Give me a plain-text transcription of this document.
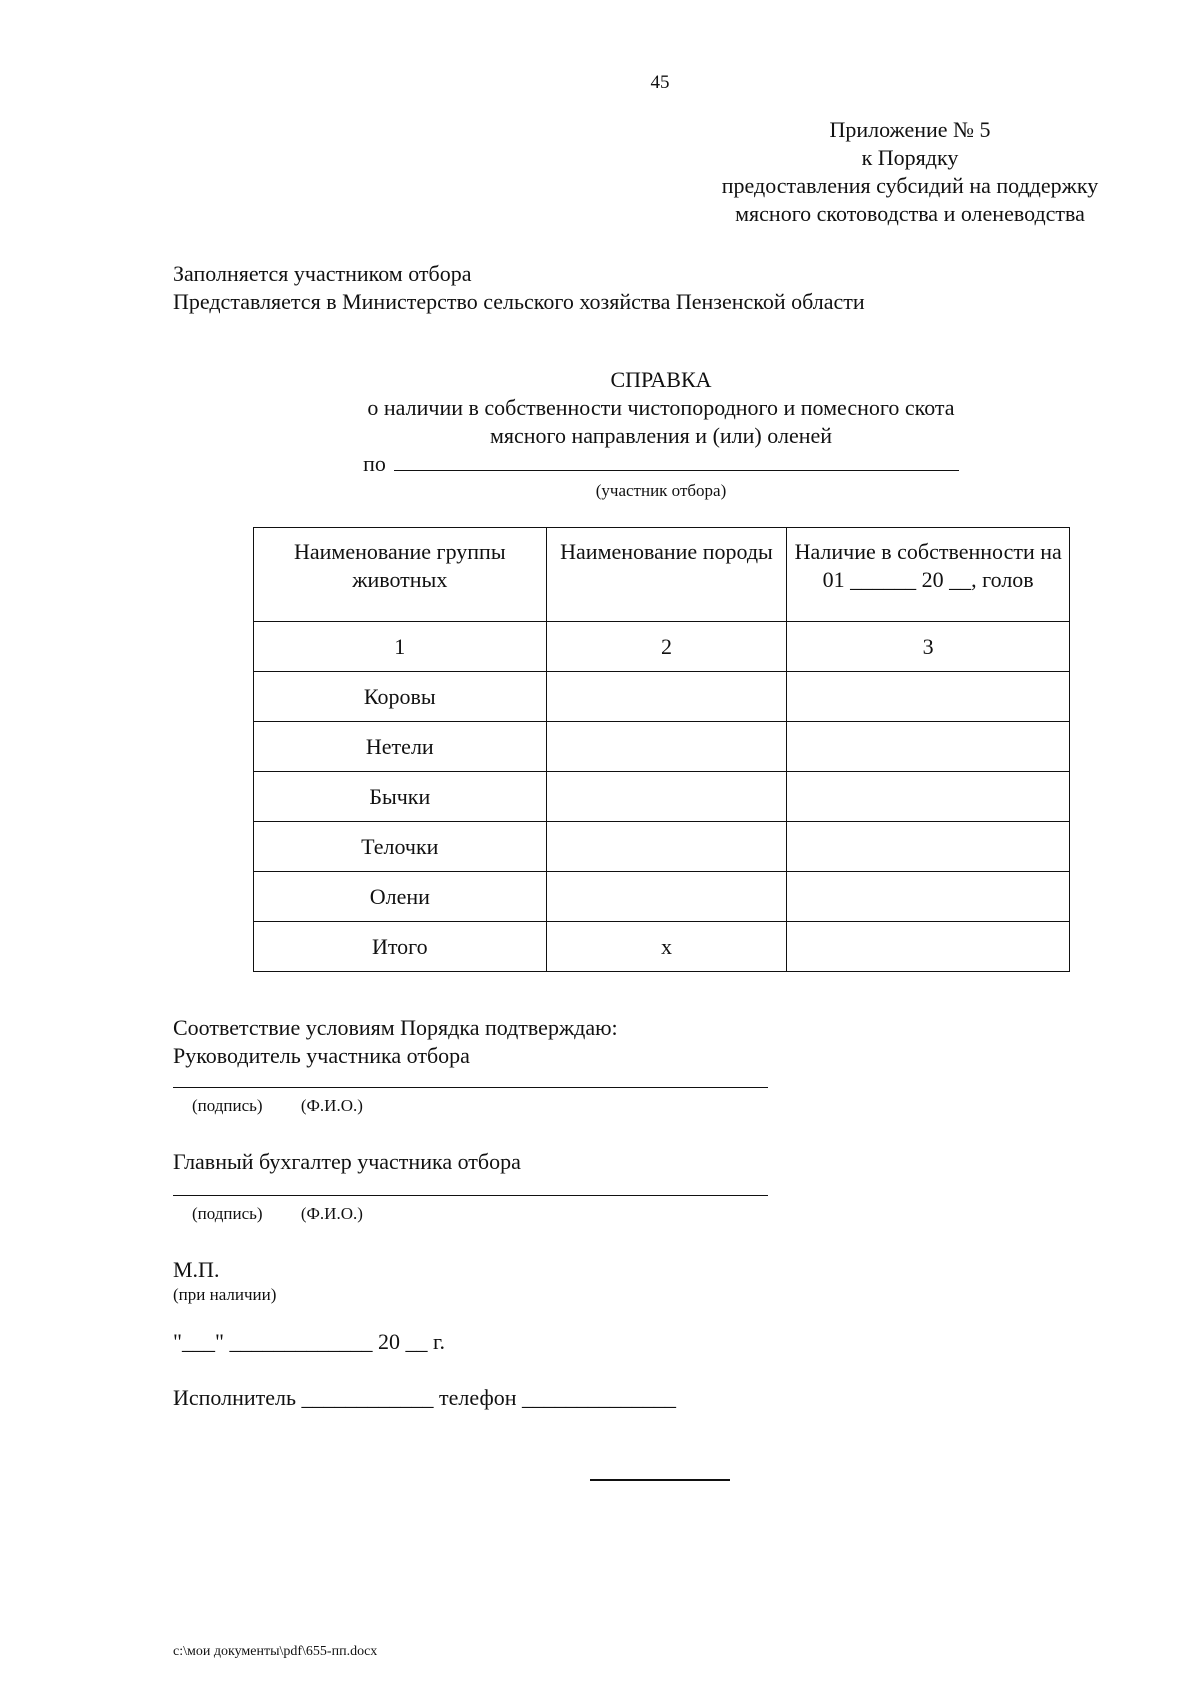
45
Приложение № 5
к Порядку
предоставления субсидий на поддержку
мясного скотоводства и оленеводства
Заполняется участником отбора
Представляется в Министерство сельского хозяйства Пензенской области
СПРАВКА
о наличии в собственности чистопородного и помесного скота
мясного направления и (или) оленей
по
(участник отбора)
Наименование группы животных	Наименование породы	Наличие в собственности на 01 ______ 20 __, голов
1	2	3
Коровы		
Нетели		
Бычки		
Телочки		
Олени		
Итого	х	
Соответствие условиям Порядка подтверждаю:
Руководитель участника отбора
(подпись) (Ф.И.О.)
Главный бухгалтер участника отбора
(подпись) (Ф.И.О.)
М.П.
(при наличии)
"___" _____________ 20 __ г.
Исполнитель ____________ телефон ______________
c:\мои документы\pdf\655-пп.docx
